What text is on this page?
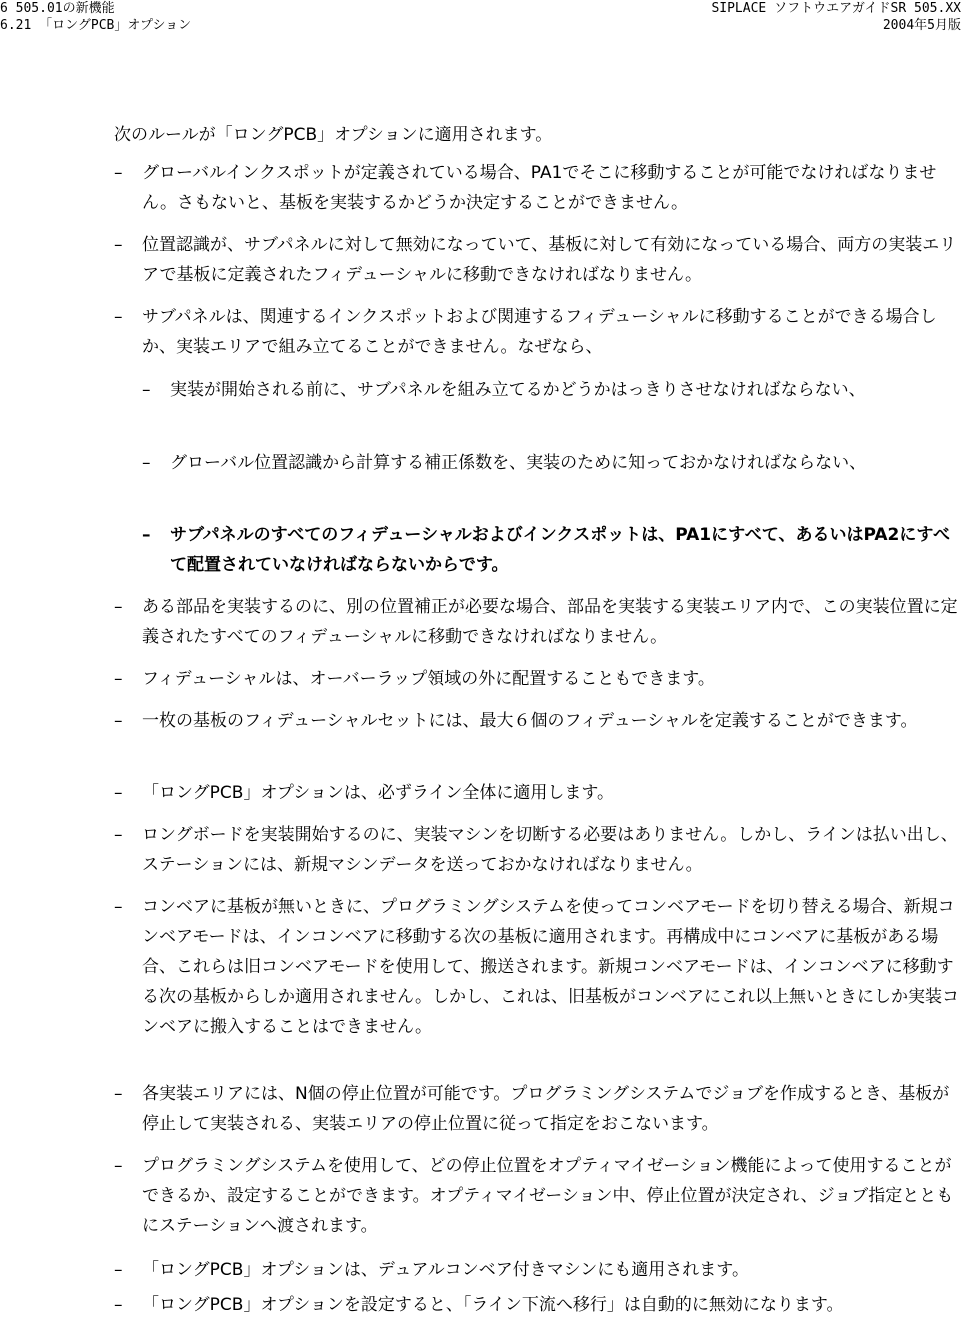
6 505.01の新機能
6.21 「ロングPCB」オプション
SIPLACE ソフトウエアガイドSR 505.XX
2004年5月版
次のルールが「ロングPCB」オプションに適用されます。
– グローバルインクスポットが定義されている場合、PA1でそこに移動することが可能でなければなりません。さもないと、基板を実装するかどうか決定することができません。
– 位置認識が、サブパネルに対して無効になっていて、基板に対して有効になっている場合、両方の実装エリアで基板に定義されたフィデューシャルに移動できなければなりません。
– サブパネルは、関連するインクスポットおよび関連するフィデューシャルに移動することができる場合しか、実装エリアで組み立てることができません。なぜなら、
– 実装が開始される前に、サブパネルを組み立てるかどうかはっきりさせなければならない、
– グローバル位置認識から計算する補正係数を、実装のために知っておかなければならない、
– サブパネルのすべてのフィデューシャルおよびインクスポットは、PA1にすべて、あるいはPA2にすべて配置されていなければならないからです。
– ある部品を実装するのに、別の位置補正が必要な場合、部品を実装する実装エリア内で、この実装位置に定義されたすべてのフィデューシャルに移動できなければなりません。
– フィデューシャルは、オーバーラップ領域の外に配置することもできます。
– 一枚の基板のフィデューシャルセットには、最大６個のフィデューシャルを定義することができます。
– 「ロングPCB」オプションは、必ずライン全体に適用します。
– ロングボードを実装開始するのに、実装マシンを切断する必要はありません。しかし、ラインは払い出し、ステーションには、新規マシンデータを送っておかなければなりません。
– コンベアに基板が無いときに、プログラミングシステムを使ってコンベアモードを切り替える場合、新規コンベアモードは、インコンベアに移動する次の基板に適用されます。再構成中にコンベアに基板がある場合、これらは旧コンベアモードを使用して、搬送されます。新規コンベアモードは、インコンベアに移動する次の基板からしか適用されません。しかし、これは、旧基板がコンベアにこれ以上無いときにしか実装コンベアに搬入することはできません。
– 各実装エリアには、N個の停止位置が可能です。プログラミングシステムでジョブを作成するとき、基板が停止して実装される、実装エリアの停止位置に従って指定をおこないます。
– プログラミングシステムを使用して、どの停止位置をオプティマイゼーション機能によって使用することができるか、設定することができます。オプティマイゼーション中、停止位置が決定され、ジョブ指定とともにステーションへ渡されます。
– 「ロングPCB」オプションは、デュアルコンベア付きマシンにも適用されます。
– 「ロングPCB」オプションを設定すると、「ライン下流へ移行」は自動的に無効になります。
